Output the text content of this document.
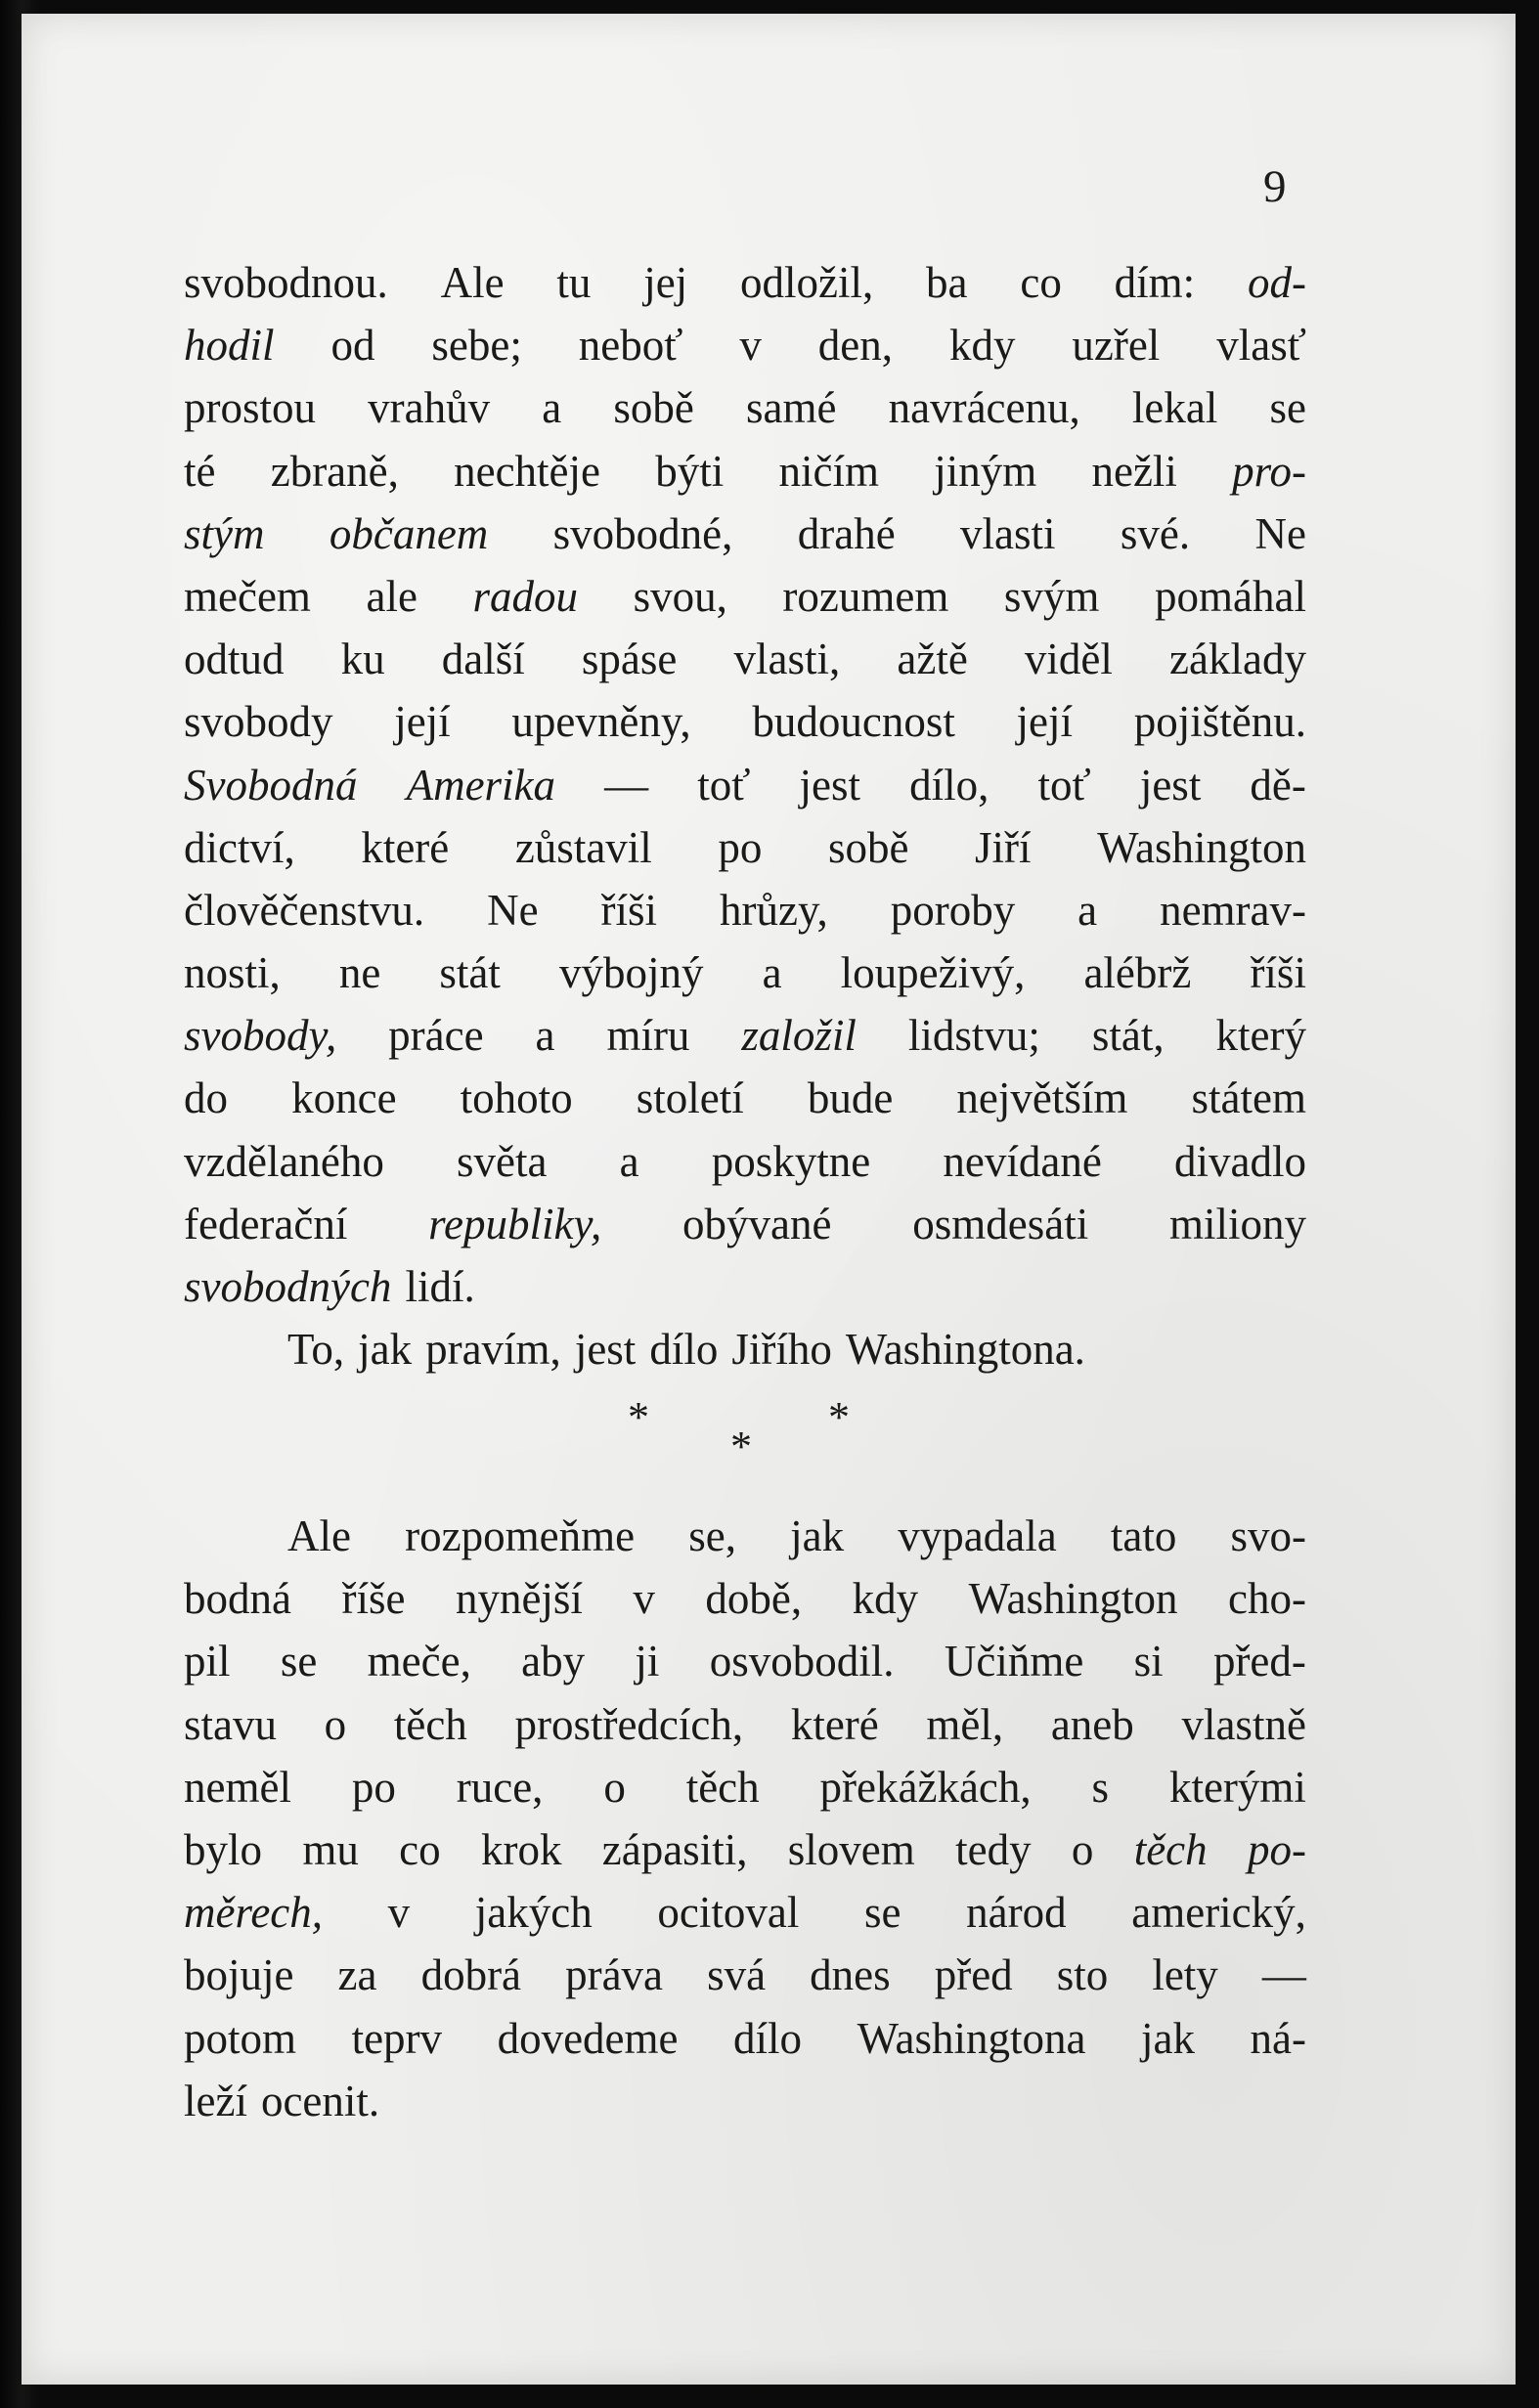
9
svobodnou. Ale tu jej odložil, ba co dím: od-
hodil od sebe; neboť v den, kdy uzřel vlasť
prostou vrahův a sobě samé navrácenu, lekal se
té zbraně, nechtěje býti ničím jiným nežli pro-
stým občanem svobodné, drahé vlasti své. Ne
mečem ale radou svou, rozumem svým pomáhal
odtud ku další spáse vlasti, ažtě viděl základy
svobody její upevněny, budoucnost její pojištěnu.
Svobodná Amerika — toť jest dílo, toť jest dě-
dictví, které zůstavil po sobě Jiří Washington
člověčenstvu. Ne říši hrůzy, poroby a nemrav-
nosti, ne stát výbojný a loupeživý, alébrž říši
svobody, práce a míru založil lidstvu; stát, který
do konce tohoto století bude největším státem
vzdělaného světa a poskytne nevídané divadlo
federační republiky, obývané osmdesáti miliony
svobodných lidí.
To, jak pravím, jest dílo Jiřího Washingtona.
*
*
*
Ale rozpomeňme se, jak vypadala tato svo-
bodná říše nynější v době, kdy Washington cho-
pil se meče, aby ji osvobodil. Učiňme si před-
stavu o těch prostředcích, které měl, aneb vlastně
neměl po ruce, o těch překážkách, s kterými
bylo mu co krok zápasiti, slovem tedy o těch po-
měrech, v jakých ocitoval se národ americký,
bojuje za dobrá práva svá dnes před sto lety —
potom teprv dovedeme dílo Washingtona jak ná-
leží ocenit.
